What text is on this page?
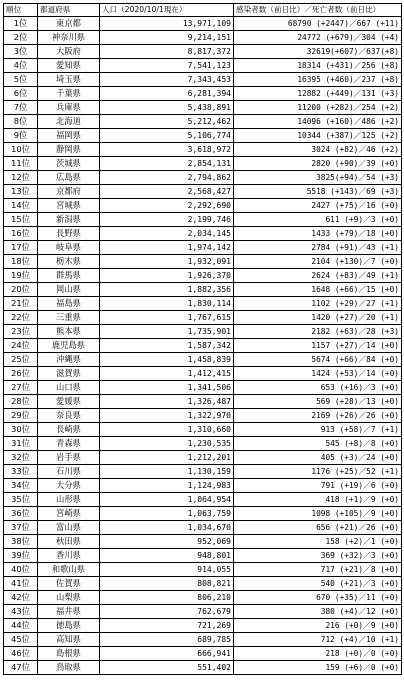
順位	都道府県	人口（2020/10/1現在）	感染者数（前日比）／死亡者数（前日比）
1位	東京都	13,971,109	68790 (+2447)／667 (+11)
2位	神奈川県	9,214,151	24772 (+679)／304 (+4)
3位	大阪府	8,817,372	32619(+607)／637(+8)
4位	愛知県	7,541,123	18314 (+431)／256 (+8)
5位	埼玉県	7,343,453	16395 (+460)／237 (+8)
6位	千葉県	6,281,394	12882 (+449)／131 (+3)
7位	兵庫県	5,438,891	11200 (+282)／254 (+2)
8位	北海道	5,212,462	14096 (+160)／486 (+2)
9位	福岡県	5,106,774	10344 (+387)／125 (+2)
10位	静岡県	3,618,972	3024 (+82)／46 (+2)
11位	茨城県	2,854,131	2820 (+90)／39 (+0)
12位	広島県	2,794,862	3825(+94)／54 (+3)
13位	京都府	2,568,427	5518 (+143)／69 (+3)
14位	宮城県	2,292,690	2427 (+75)／16 (+0)
15位	新潟県	2,199,746	611 (+9)／3 (+0)
16位	長野県	2,034,145	1433 (+79)／18 (+0)
17位	岐阜県	1,974,142	2784 (+91)／43 (+1)
18位	栃木県	1,932,091	2104 (+130)／7 (+0)
19位	群馬県	1,926,370	2624 (+83)／49 (+1)
20位	岡山県	1,882,356	1648 (+66)／15 (+0)
21位	福島県	1,830,114	1102 (+29)／27 (+1)
22位	三重県	1,767,615	1420 (+27)／20 (+1)
23位	熊本県	1,735,901	2182 (+63)／28 (+3)
24位	鹿児島県	1,587,342	1157 (+27)／14 (+0)
25位	沖縄県	1,458,839	5674 (+66)／84 (+0)
26位	滋賀県	1,412,415	1424 (+53)／14 (+0)
27位	山口県	1,341,506	653 (+16)／3 (+0)
28位	愛媛県	1,326,487	569 (+28)／13 (+0)
29位	奈良県	1,322,970	2169 (+26)／26 (+0)
30位	長崎県	1,310,660	913 (+58)／7 (+1)
31位	青森県	1,230,535	545 (+8)／8 (+0)
32位	岩手県	1,212,201	405 (+3)／24 (+0)
33位	石川県	1,130,159	1176 (+25)／52 (+1)
34位	大分県	1,124,983	791 (+19)／6 (+0)
35位	山形県	1,064,954	418 (+1)／9 (+0)
36位	宮崎県	1,063,759	1098 (+105)／9 (+0)
37位	富山県	1,034,670	656 (+21)／26 (+0)
38位	秋田県	952,069	158 (+2)／1 (+0)
39位	香川県	948,801	369 (+32)／3 (+0)
40位	和歌山県	914,055	717 (+21)／8 (+0)
41位	佐賀県	808,821	540 (+21)／3 (+0)
42位	山梨県	806,210	670 (+35)／11 (+0)
43位	福井県	762,679	380 (+4)／12 (+0)
44位	徳島県	721,269	216 (+0)／9 (+0)
45位	高知県	689,785	712 (+4)／10 (+1)
46位	島根県	666,941	218 (+0)／0 (+0)
47位	鳥取県	551,402	159 (+6)／0 (+0)
